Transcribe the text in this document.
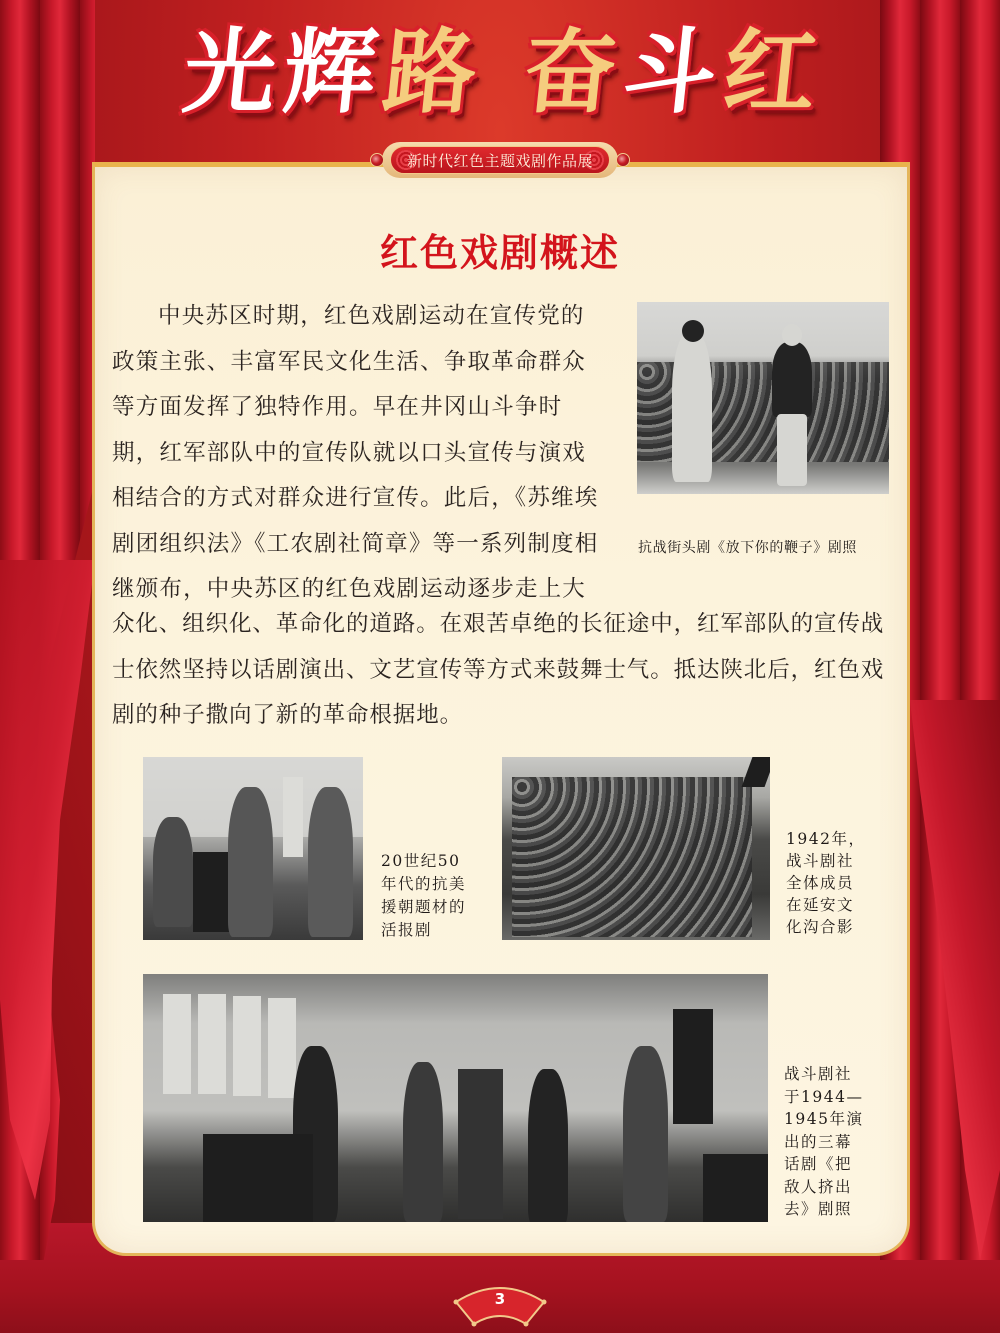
光
辉
路 奋
斗
红
新时代红色主题戏剧作品展
红色戏剧概述

中央苏区时期，红色戏剧运动在宣传党的政策主张、丰富军民文化生活、争取革命群众等方面发挥了独特作用。早在井冈山斗争时期，红军部队中的宣传队就以口头宣传与演戏相结合的方式对群众进行宣传。此后，《苏维埃剧团组织法》《工农剧社简章》等一系列制度相继颁布，中央苏区的红色戏剧运动逐步走上大

众化、组织化、革命化的道路。在艰苦卓绝的长征途中，红军部队的宣传战士依然坚持以话剧演出、文艺宣传等方式来鼓舞士气。抵达陕北后，红色戏剧的种子撒向了新的革命根据地。

抗战街头剧《放下你的鞭子》剧照
20世纪50年代的抗美援朝题材的活报剧
1942年，战斗剧社全体成员在延安文化沟合影
战斗剧社于1944—1945年演出的三幕话剧《把敌人挤出去》剧照
3
